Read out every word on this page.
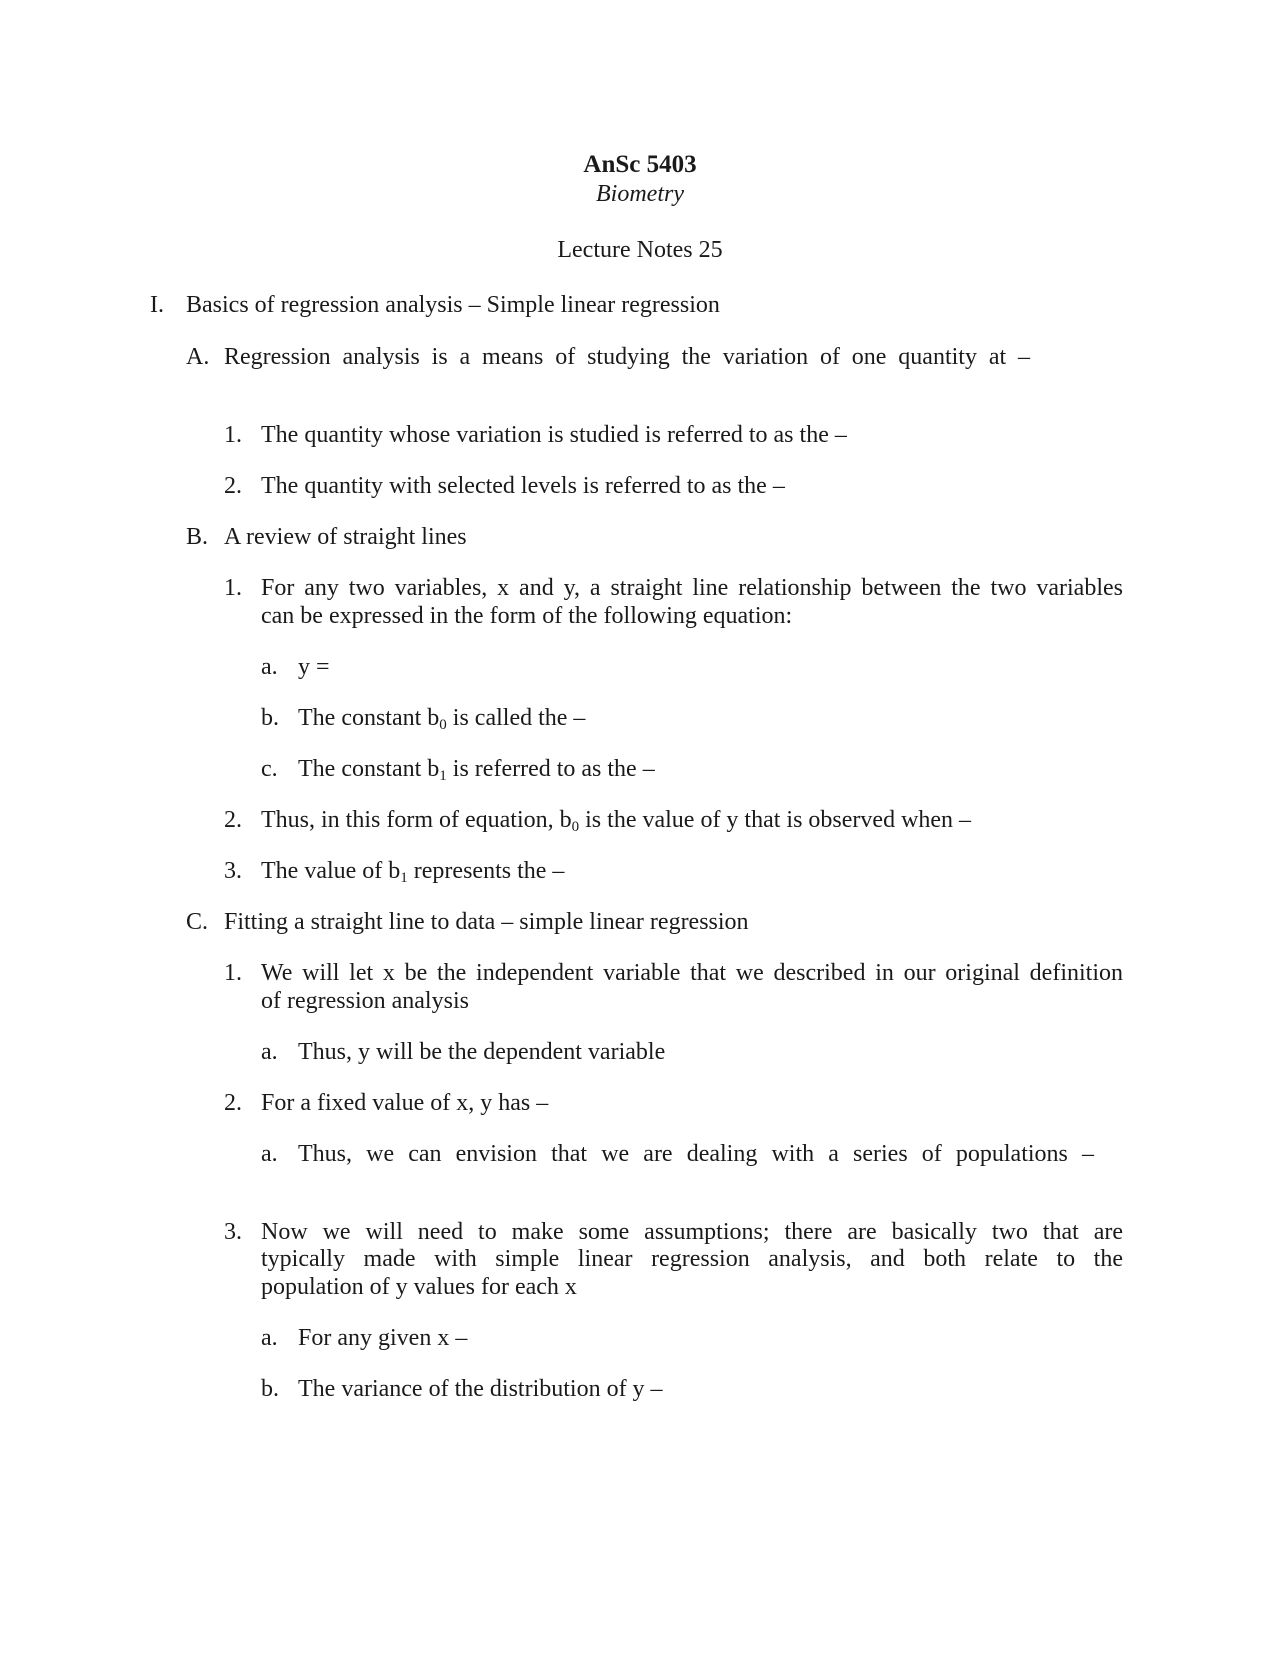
AnSc 5403
Biometry
Lecture Notes 25
I. Basics of regression analysis – Simple linear regression
A. Regression analysis is a means of studying the variation of one quantity at –
1. The quantity whose variation is studied is referred to as the –
2. The quantity with selected levels is referred to as the –
B. A review of straight lines
1. For any two variables, x and y, a straight line relationship between the two variables
can be expressed in the form of the following equation:
a. y =
b. The constant $b_0$ is called the –
c. The constant $b_1$ is referred to as the –
2. Thus, in this form of equation, $b_0$ is the value of y that is observed when –
3. The value of $b_1$ represents the –
C. Fitting a straight line to data – simple linear regression
1. We will let x be the independent variable that we described in our original definition
of regression analysis
a. Thus, y will be the dependent variable
2. For a fixed value of x, y has –
a. Thus, we can envision that we are dealing with a series of populations –
3. Now we will need to make some assumptions; there are basically two that are
typically made with simple linear regression analysis, and both relate to the
population of y values for each x
a. For any given x –
b. The variance of the distribution of y –
